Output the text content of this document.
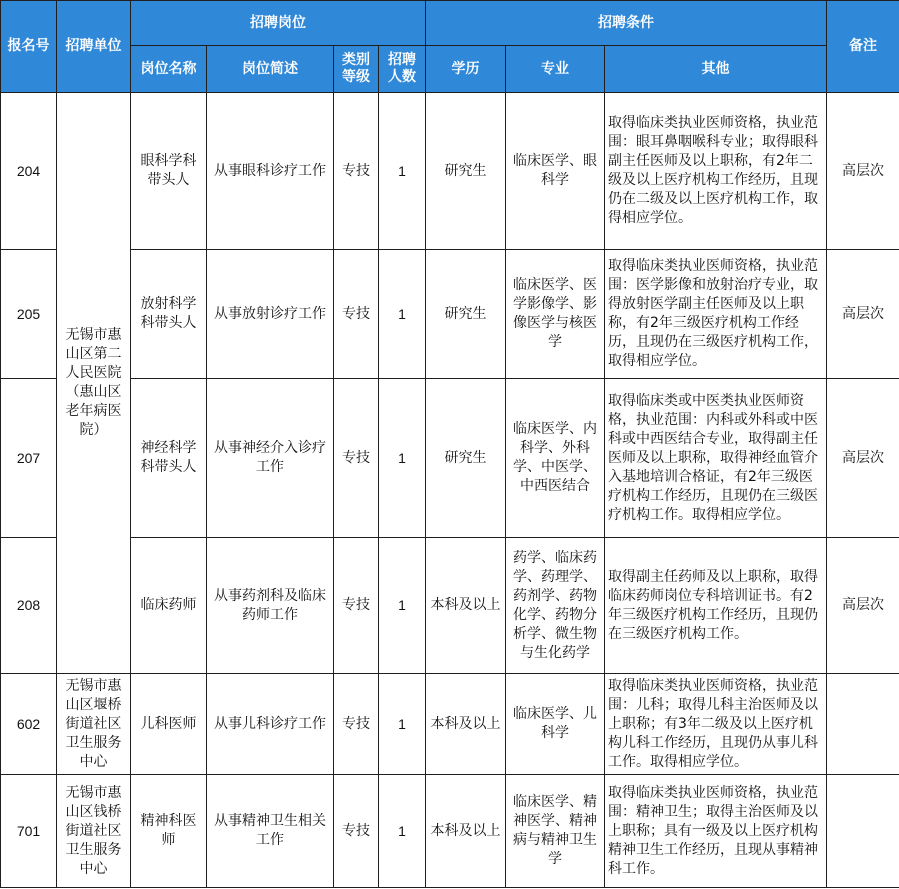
报名号	招聘单位	招聘岗位				招聘条件			备注
		岗位名称	岗位简述	类别等级	招聘人数	学历	专业	其他	
204	无锡市惠山区第二人民医院（惠山区老年病医院）	眼科学科带头人	从事眼科诊疗工作	专技	1	研究生	临床医学、眼科学	取得临床类执业医师资格，执业范围：眼耳鼻咽喉科专业；取得眼科副主任医师及以上职称，有2年二级及以上医疗机构工作经历，且现仍在二级及以上医疗机构工作，取得相应学位。	高层次
205		放射科学科带头人	从事放射诊疗工作	专技	1	研究生	临床医学、医学影像学、影像医学与核医学	取得临床类执业医师资格，执业范围：医学影像和放射治疗专业，取得放射医学副主任医师及以上职称，有2年三级医疗机构工作经历，且现仍在三级医疗机构工作，取得相应学位。	高层次
207		神经科学科带头人	从事神经介入诊疗工作	专技	1	研究生	临床医学、内科学、外科学、中医学、中西医结合	取得临床类或中医类执业医师资格，执业范围：内科或外科或中医科或中西医结合专业，取得副主任医师及以上职称，取得神经血管介入基地培训合格证，有2年三级医疗机构工作经历，且现仍在三级医疗机构工作。取得相应学位。	高层次
208		临床药师	从事药剂科及临床药师工作	专技	1	本科及以上	药学、临床药学、药理学、药剂学、药物化学、药物分析学、微生物与生化药学	取得副主任药师及以上职称，取得临床药师岗位专科培训证书。有2年三级医疗机构工作经历，且现仍在三级医疗机构工作。	高层次
602	无锡市惠山区堰桥街道社区卫生服务中心	儿科医师	从事儿科诊疗工作	专技	1	本科及以上	临床医学、儿科学	取得临床类执业医师资格，执业范围：儿科；取得儿科主治医师及以上职称；有3年二级及以上医疗机构儿科工作经历，且现仍从事儿科工作。取得相应学位。	
701	无锡市惠山区钱桥街道社区卫生服务中心	精神科医师	从事精神卫生相关工作	专技	1	本科及以上	临床医学、精神医学、精神病与精神卫生学	取得临床类执业医师资格，执业范围：精神卫生；取得主治医师及以上职称；具有一级及以上医疗机构精神卫生工作经历，且现从事精神科工作。	
